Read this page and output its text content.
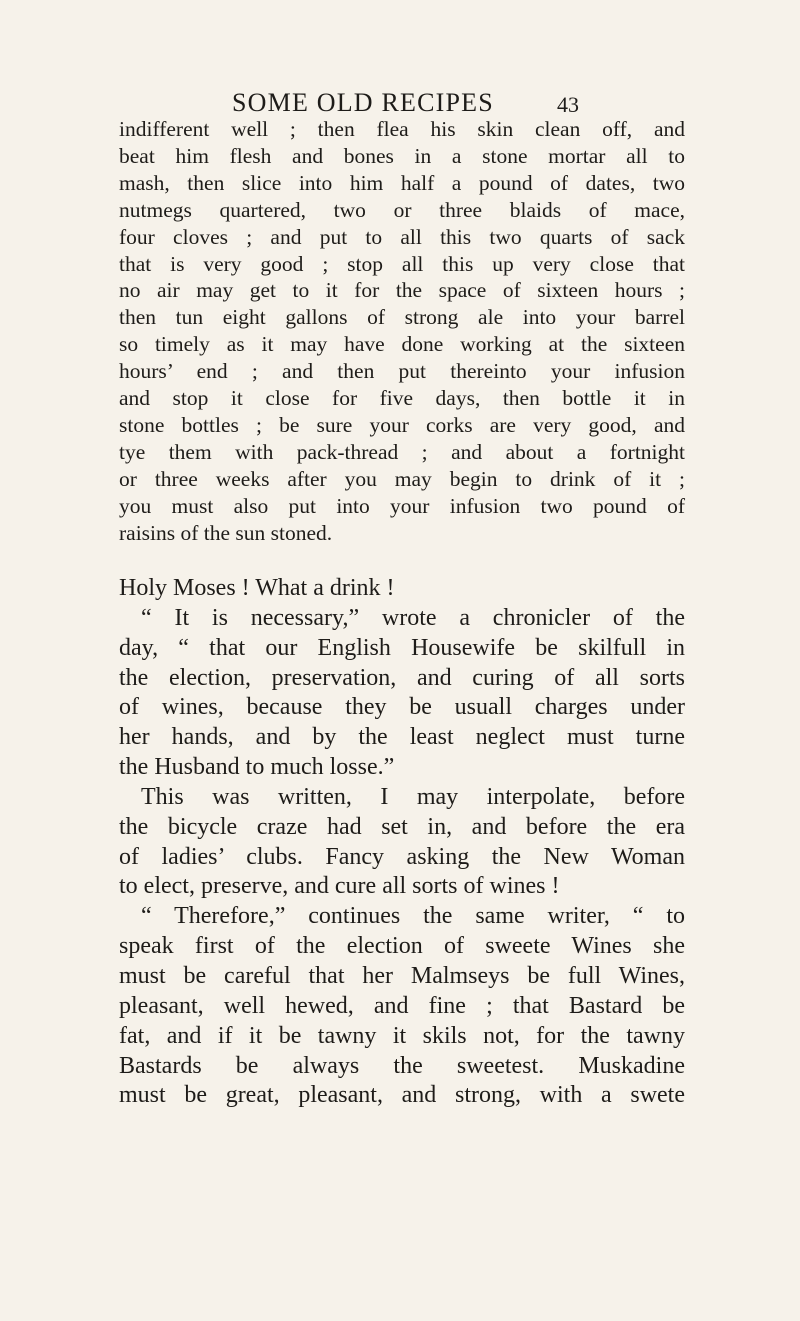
SOME OLD RECIPES	43
indifferent well ; then flea his skin clean off, and
beat him flesh and bones in a stone mortar all to
mash, then slice into him half a pound of dates, two
nutmegs quartered, two or three blaids of mace,
four cloves ; and put to all this two quarts of sack
that is very good ; stop all this up very close that
no air may get to it for the space of sixteen hours ;
then tun eight gallons of strong ale into your barrel
so timely as it may have done working at the sixteen
hours’ end ; and then put thereinto your infusion
and stop it close for five days, then bottle it in
stone bottles ; be sure your corks are very good, and
tye them with pack-thread ; and about a fortnight
or three weeks after you may begin to drink of it ;
you must also put into your infusion two pound of
raisins of the sun stoned.
Holy Moses ! What a drink !
“ It is necessary,” wrote a chronicler of the
day, “ that our English Housewife be skilfull in
the election, preservation, and curing of all sorts
of wines, because they be usuall charges under
her hands, and by the least neglect must turne
the Husband to much losse.”
This was written, I may interpolate, before
the bicycle craze had set in, and before the era
of ladies’ clubs. Fancy asking the New Woman
to elect, preserve, and cure all sorts of wines !
“ Therefore,” continues the same writer, “ to
speak first of the election of sweete Wines she
must be careful that her Malmseys be full Wines,
pleasant, well hewed, and fine ; that Bastard be
fat, and if it be tawny it skils not, for the tawny
Bastards be always the sweetest. Muskadine
must be great, pleasant, and strong, with a swete
